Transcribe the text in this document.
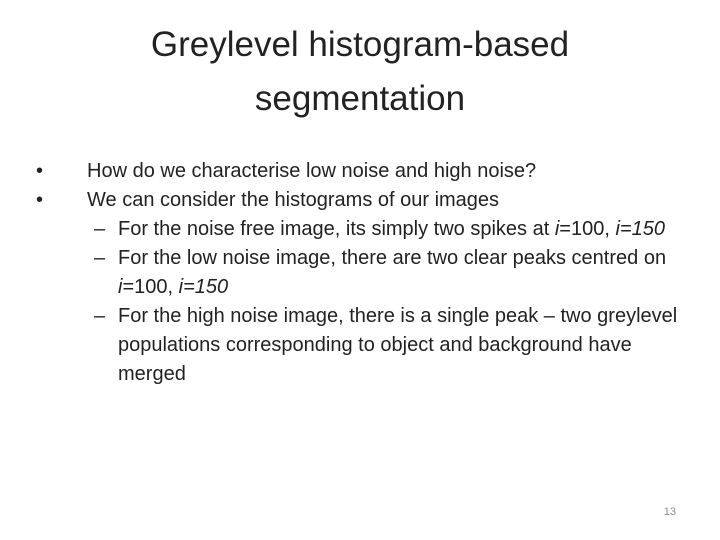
Greylevel histogram-based
segmentation
•	How do we characterise low noise and high noise?
•	We can consider the histograms of our images
– For the noise free image, its simply two spikes at i=100, i=150
– For the low noise image, there are two clear peaks centred on i=100, i=150
– For the high noise image, there is a single peak – two greylevel populations corresponding to object and background have merged
13
